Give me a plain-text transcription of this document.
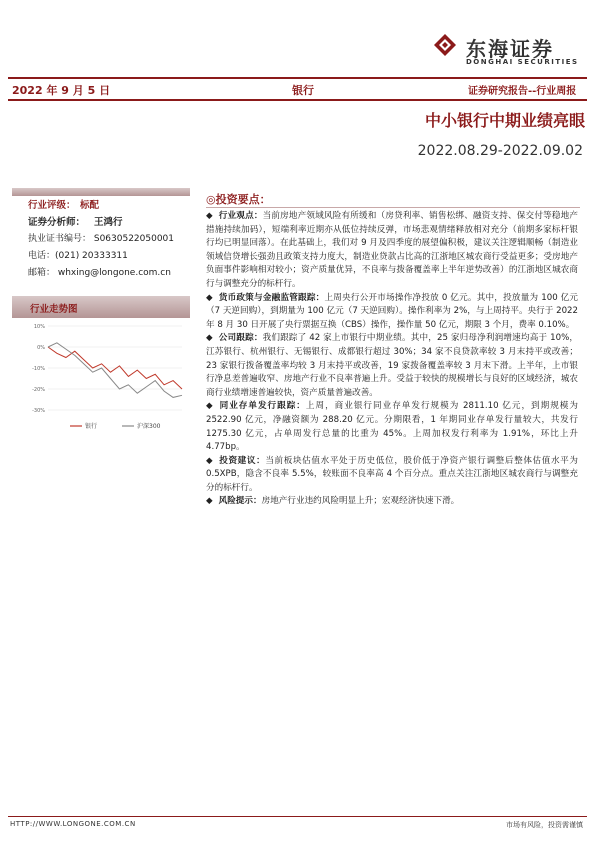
东海证券
DONGHAI SECURITIES
2022 年 9 月 5 日	银行	证券研究报告--行业周报
中小银行中期业绩亮眼
2022.08.29-2022.09.02
行业评级： 标配
证券分析师： 王鸿行
执业证书编号： S0630522050001
电话：(021) 20333311
邮箱： whxing@longone.com.cn
行业走势图
-30%
-20%
-10%
0%
10%
银行	沪深300
◎投资要点：

◆ 行业观点：当前房地产领域风险有所缓和（房贷利率、销售松绑、融资支持、保交付等稳地产措施持续加码），短端利率近期亦从低位持续反弹，市场悲观情绪释放相对充分（前期多家标杆银行均已明显回落）。在此基础上，我们对 9 月及四季度的展望偏积极，建议关注逻辑顺畅（制造业领域信贷增长强劲且政策支持力度大，制造业贷款占比高的江浙地区城农商行受益更多；受房地产负面事件影响相对较小；资产质量优异，不良率与拨备覆盖率上半年逆势改善）的江浙地区城农商行与调整充分的标杆行。

◆ 货币政策与金融监管跟踪：上周央行公开市场操作净投放 0 亿元。其中，投放量为 100 亿元（7 天逆回购），到期量为 100 亿元（7 天逆回购）。操作利率为 2%，与上周持平。央行于 2022 年 8 月 30 日开展了央行票据互换（CBS）操作，操作量 50 亿元，期限 3 个月，费率 0.10%。

◆ 公司跟踪：我们跟踪了 42 家上市银行中期业绩。其中，25 家归母净利润增速均高于 10%，江苏银行、杭州银行、无锡银行、成都银行超过 30%；34 家不良贷款率较 3 月末持平或改善；23 家银行拨备覆盖率均较 3 月末持平或改善，19 家拨备覆盖率较 3 月末下滑。上半年，上市银行净息差普遍收窄、房地产行业不良率普遍上升。受益于较快的规模增长与良好的区域经济，城农商行业绩增速普遍较快，资产质量普遍改善。

◆ 同业存单发行跟踪：上周，商业银行同业存单发行规模为 2811.10 亿元，到期规模为 2522.90 亿元，净融资额为 288.20 亿元。分期限看，1 年期同业存单发行量较大，共发行 1275.30 亿元，占单周发行总量的比重为 45%。上周加权发行利率为 1.91%，环比上升 4.77bp。

◆ 投资建议：当前板块估值水平处于历史低位，股价低于净资产银行调整后整体估值水平为 0.5XPB，隐含不良率 5.5%，较账面不良率高 4 个百分点。重点关注江浙地区城农商行与调整充分的标杆行。

◆ 风险提示：房地产行业违约风险明显上升；宏观经济快速下滑。

HTTP://WWW.LONGONE.COM.CN	市场有风险，投资需谨慎
